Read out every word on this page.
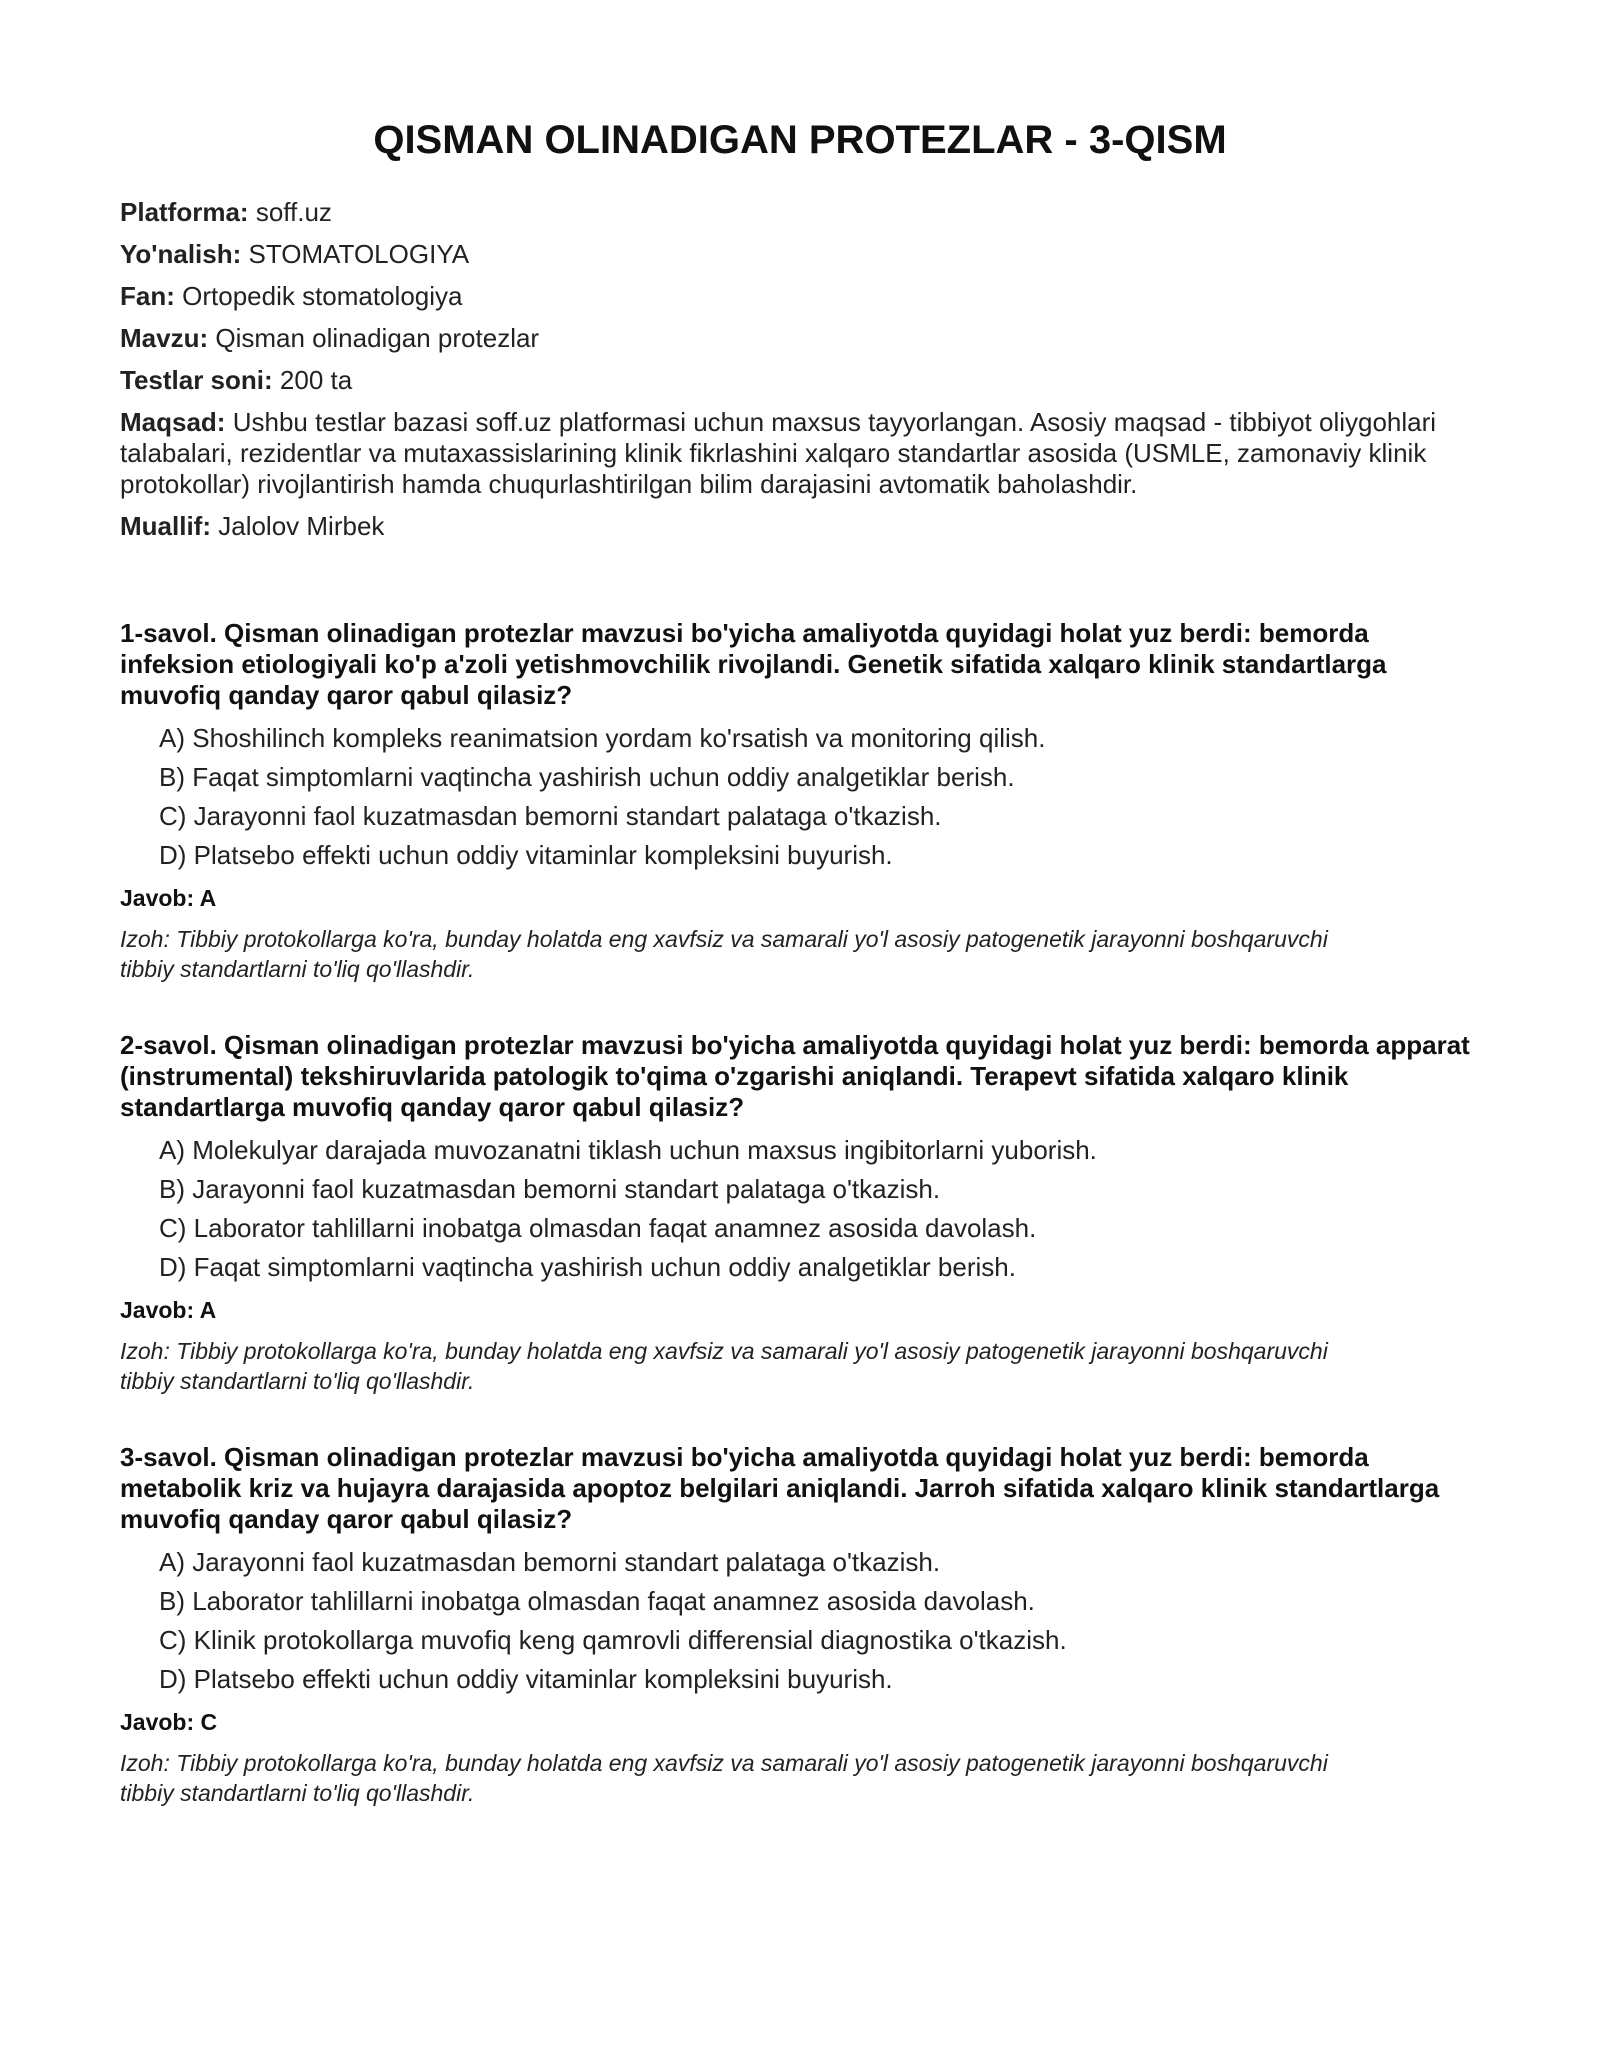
QISMAN OLINADIGAN PROTEZLAR - 3-QISM

Platforma: soff.uz

Yo'nalish: STOMATOLOGIYA

Fan: Ortopedik stomatologiya

Mavzu: Qisman olinadigan protezlar

Testlar soni: 200 ta

Maqsad: Ushbu testlar bazasi soff.uz platformasi uchun maxsus tayyorlangan. Asosiy maqsad - tibbiyot oliygohlari talabalari, rezidentlar va mutaxassislarining klinik fikrlashini xalqaro standartlar asosida (USMLE, zamonaviy klinik protokollar) rivojlantirish hamda chuqurlashtirilgan bilim darajasini avtomatik baholashdir.

Muallif: Jalolov Mirbek

1-savol. Qisman olinadigan protezlar mavzusi bo'yicha amaliyotda quyidagi holat yuz berdi: bemorda infeksion etiologiyali ko'p a'zoli yetishmovchilik rivojlandi. Genetik sifatida xalqaro klinik standartlarga muvofiq qanday qaror qabul qilasiz?

A) Shoshilinch kompleks reanimatsion yordam ko'rsatish va monitoring qilish.
B) Faqat simptomlarni vaqtincha yashirish uchun oddiy analgetiklar berish.
C) Jarayonni faol kuzatmasdan bemorni standart palataga o'tkazish.
D) Platsebo effekti uchun oddiy vitaminlar kompleksini buyurish.
Javob: A
Izoh: Tibbiy protokollarga ko'ra, bunday holatda eng xavfsiz va samarali yo'l asosiy patogenetik jarayonni boshqaruvchi tibbiy standartlarni to'liq qo'llashdir.

2-savol. Qisman olinadigan protezlar mavzusi bo'yicha amaliyotda quyidagi holat yuz berdi: bemorda apparat (instrumental) tekshiruvlarida patologik to'qima o'zgarishi aniqlandi. Terapevt sifatida xalqaro klinik standartlarga muvofiq qanday qaror qabul qilasiz?

A) Molekulyar darajada muvozanatni tiklash uchun maxsus ingibitorlarni yuborish.
B) Jarayonni faol kuzatmasdan bemorni standart palataga o'tkazish.
C) Laborator tahlillarni inobatga olmasdan faqat anamnez asosida davolash.
D) Faqat simptomlarni vaqtincha yashirish uchun oddiy analgetiklar berish.
Javob: A
Izoh: Tibbiy protokollarga ko'ra, bunday holatda eng xavfsiz va samarali yo'l asosiy patogenetik jarayonni boshqaruvchi tibbiy standartlarni to'liq qo'llashdir.

3-savol. Qisman olinadigan protezlar mavzusi bo'yicha amaliyotda quyidagi holat yuz berdi: bemorda metabolik kriz va hujayra darajasida apoptoz belgilari aniqlandi. Jarroh sifatida xalqaro klinik standartlarga muvofiq qanday qaror qabul qilasiz?

A) Jarayonni faol kuzatmasdan bemorni standart palataga o'tkazish.
B) Laborator tahlillarni inobatga olmasdan faqat anamnez asosida davolash.
C) Klinik protokollarga muvofiq keng qamrovli differensial diagnostika o'tkazish.
D) Platsebo effekti uchun oddiy vitaminlar kompleksini buyurish.
Javob: C
Izoh: Tibbiy protokollarga ko'ra, bunday holatda eng xavfsiz va samarali yo'l asosiy patogenetik jarayonni boshqaruvchi tibbiy standartlarni to'liq qo'llashdir.
